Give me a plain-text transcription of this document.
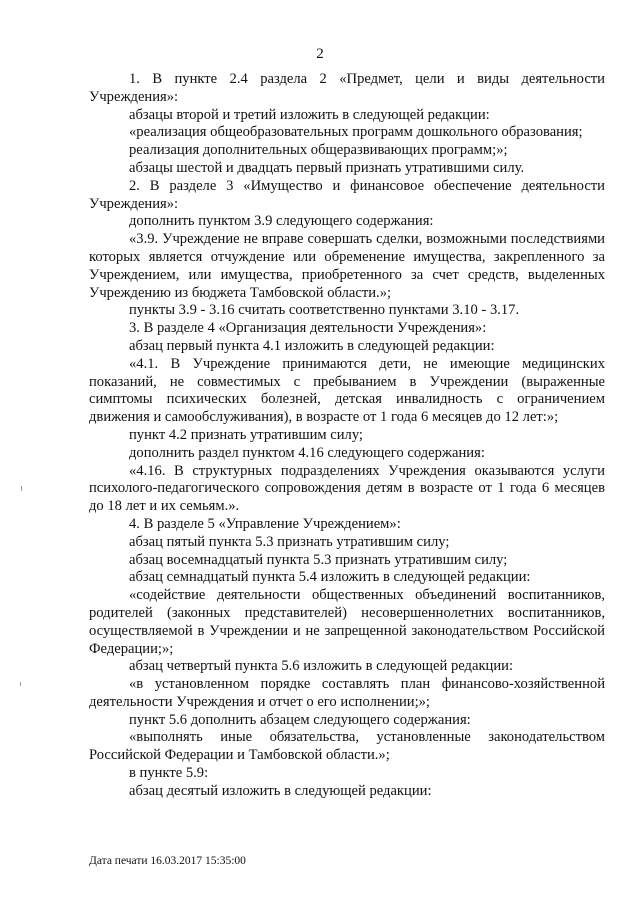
2

1. В пункте 2.4 раздела 2 «Предмет, цели и виды деятельности Учреждения»:

абзацы второй и третий изложить в следующей редакции:

«реализация общеобразовательных программ дошкольного образования;

реализация дополнительных общеразвивающих программ;»;

абзацы шестой и двадцать первый признать утратившими силу.

2. В разделе 3 «Имущество и финансовое обеспечение деятельности Учреждения»:

дополнить пунктом 3.9 следующего содержания:

«3.9. Учреждение не вправе совершать сделки, возможными последствиями которых является отчуждение или обременение имущества, закрепленного за Учреждением, или имущества, приобретенного за счет средств, выделенных Учреждению из бюджета Тамбовской области.»;

пункты 3.9 - 3.16 считать соответственно пунктами 3.10 - 3.17.

3. В разделе 4 «Организация деятельности Учреждения»:

абзац первый пункта 4.1 изложить в следующей редакции:

«4.1. В Учреждение принимаются дети, не имеющие медицинских показаний, не совместимых с пребыванием в Учреждении (выраженные симптомы психических болезней, детская инвалидность с ограничением движения и самообслуживания), в возрасте от 1 года 6 месяцев до 12 лет:»;

пункт 4.2 признать утратившим силу;

дополнить раздел пунктом 4.16 следующего содержания:

«4.16. В структурных подразделениях Учреждения оказываются услуги психолого-педагогического сопровождения детям в возрасте от 1 года 6 месяцев до 18 лет и их семьям.».

4. В разделе 5 «Управление Учреждением»:

абзац пятый пункта 5.3 признать утратившим силу;

абзац восемнадцатый пункта 5.3 признать утратившим силу;

абзац семнадцатый пункта 5.4 изложить в следующей редакции:

«содействие деятельности общественных объединений воспитанников, родителей (законных представителей) несовершеннолетних воспитанников, осуществляемой в Учреждении и не запрещенной законодательством Российской Федерации;»;

абзац четвертый пункта 5.6 изложить в следующей редакции:

«в установленном порядке составлять план финансово-хозяйственной деятельности Учреждения и отчет о его исполнении;»;

пункт 5.6 дополнить абзацем следующего содержания:

«выполнять иные обязательства, установленные законодательством Российской Федерации и Тамбовской области.»;

в пункте 5.9:

абзац десятый изложить в следующей редакции:

Дата печати 16.03.2017 15:35:00
